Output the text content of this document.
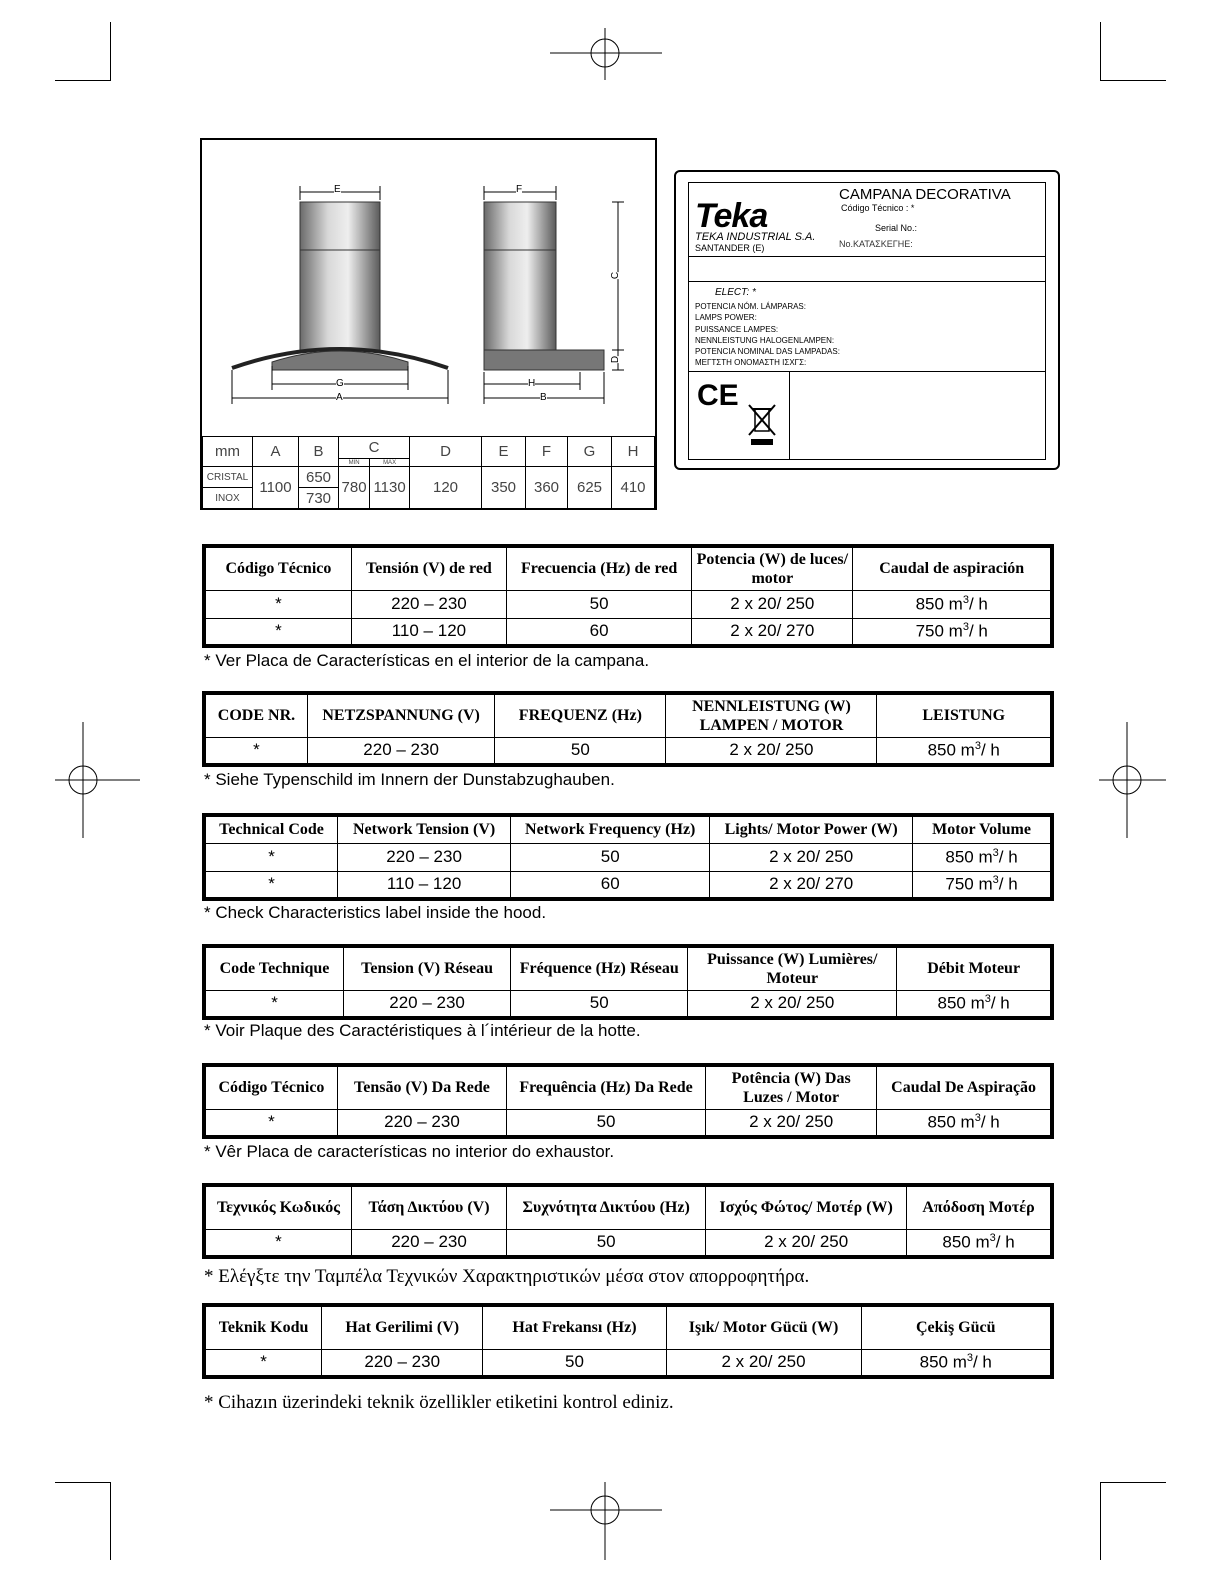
E	F
C
D
G
A
H
B
mm	A	B	C		D	E	F	G	H
			MIN	MAX					
CRISTAL	1100	650	780	1130	120	350	360	625	410
INOX		730							
Teka
CAMPANA DECORATIVA
Código Técnico : *
Serial No.:
No.ΚΑΤΑΣΚΕΓΗΕ:
TEKA INDUSTRIAL S.A.
SANTANDER (E)
ELECT: *
POTENCIA NÓM. LÁMPARAS:
LAMPS POWER:
PUISSANCE LAMPES:
NENNLEISTUNG HALOGENLAMPEN:
POTENCIA NOMINAL DAS LAMPADAS:
ΜΕΓΤΣΤΗ ΟΝΟΜΑΣΤΗ ΙΣΧΓΣ:
CE
Código Técnico	Tensión (V) de red	Frecuencia (Hz) de red	Potencia (W) de luces/ motor	Caudal de aspiración
*	220 – 230	50	2 x 20/ 250	850 $m^3/$ h
*	110 – 120	60	2 x 20/ 270	750 $m^3/$ h
* Ver Placa de Características en el interior de la campana.
CODE NR.	NETZSPANNUNG (V)	FREQUENZ (Hz)	NENNLEISTUNG (W) LAMPEN / MOTOR	LEISTUNG
*	220 – 230	50	2 x 20/ 250	850 $m^3/$ h
* Siehe Typenschild im Innern der Dunstabzughauben.
Technical Code	Network Tension (V)	Network Frequency (Hz)	Lights/ Motor Power (W)	Motor Volume
*	220 – 230	50	2 x 20/ 250	850 $m^3/$ h
*	110 – 120	60	2 x 20/ 270	750 $m^3/$ h
* Check Characteristics label inside the hood.
Code Technique	Tension (V) Réseau	Fréquence (Hz) Réseau	Puissance (W) Lumières/ Moteur	Débit Moteur
*	220 – 230	50	2 x 20/ 250	850 $m^3/$ h
* Voir Plaque des Caractéristiques à l´intérieur de la hotte.
Código Técnico	Tensão (V) Da Rede	Frequência (Hz) Da Rede	Potência (W) Das Luzes / Motor	Caudal De Aspiração
*	220 – 230	50	2 x 20/ 250	850 $m^3/$ h
* Vêr Placa de características no interior do exhaustor.
Τεχνικός Κωδικός	Τάση Δικτύου (V)	Συχνότητα Δικτύου (Hz)	Ισχύς Φώτος/ Μοτέρ (W)	Απόδοση Μοτέρ
*	220 – 230	50	2 x 20/ 250	850 $m^3/$ h
* Ελέγξτε την Ταμπέλα Τεχνικών Χαρακτηριστικών μέσα στον απορροφητήρα.
Teknik Kodu	Hat Gerilimi (V)	Hat Frekansı (Hz)	Işık/ Motor Gücü (W)	Çekiş Gücü
*	220 – 230	50	2 x 20/ 250	850 $m^3/$ h
* Cihazın üzerindeki teknik özellikler etiketini kontrol ediniz.
